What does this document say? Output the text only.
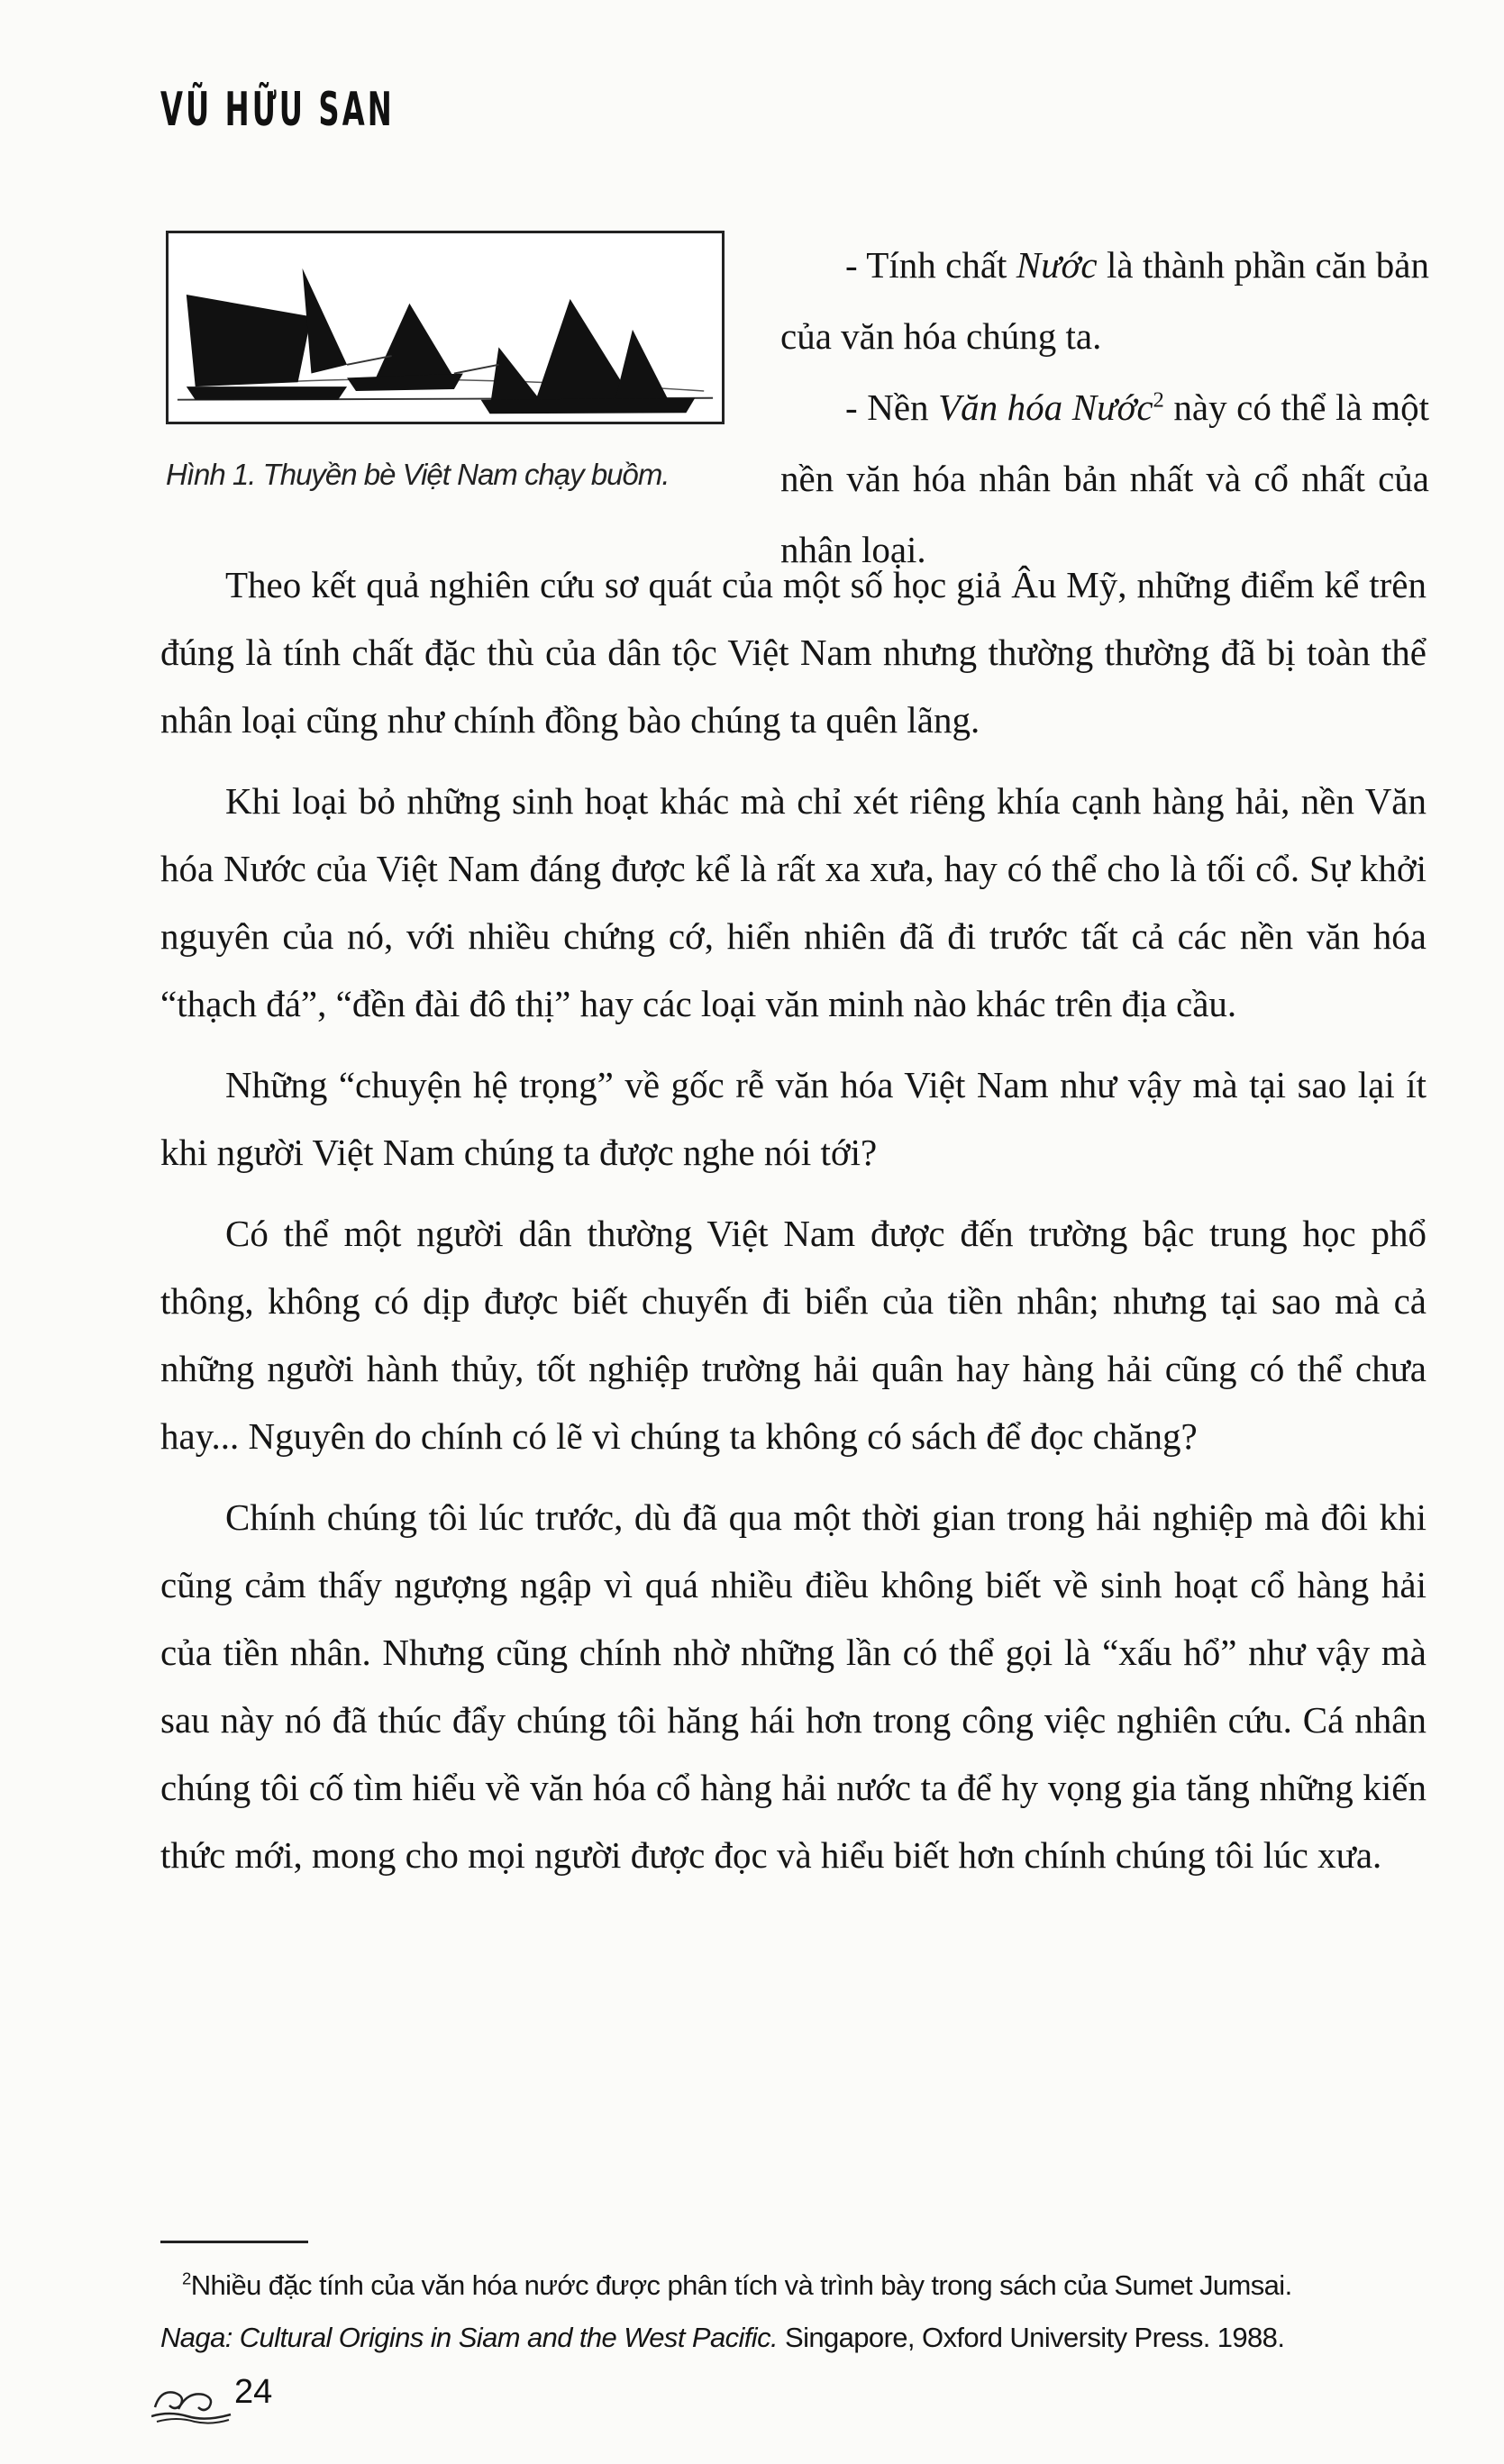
VŨ HỮU SAN
Hình 1. Thuyền bè Việt Nam chạy buồm.

- Tính chất Nước là thành phần căn bản của văn hóa chúng ta.

- Nền Văn hóa Nước$^2$ này có thể là một nền văn hóa nhân bản nhất và cổ nhất của nhân loại.

Theo kết quả nghiên cứu sơ quát của một số học giả Âu Mỹ, những điểm kể trên đúng là tính chất đặc thù của dân tộc Việt Nam nhưng thường thường đã bị toàn thể nhân loại cũng như chính đồng bào chúng ta quên lãng.

Khi loại bỏ những sinh hoạt khác mà chỉ xét riêng khía cạnh hàng hải, nền Văn hóa Nước của Việt Nam đáng được kể là rất xa xưa, hay có thể cho là tối cổ. Sự khởi nguyên của nó, với nhiều chứng cớ, hiển nhiên đã đi trước tất cả các nền văn hóa “thạch đá”, “đền đài đô thị” hay các loại văn minh nào khác trên địa cầu.

Những “chuyện hệ trọng” về gốc rễ văn hóa Việt Nam như vậy mà tại sao lại ít khi người Việt Nam chúng ta được nghe nói tới?

Có thể một người dân thường Việt Nam được đến trường bậc trung học phổ thông, không có dịp được biết chuyến đi biển của tiền nhân; nhưng tại sao mà cả những người hành thủy, tốt nghiệp trường hải quân hay hàng hải cũng có thể chưa hay... Nguyên do chính có lẽ vì chúng ta không có sách để đọc chăng?

Chính chúng tôi lúc trước, dù đã qua một thời gian trong hải nghiệp mà đôi khi cũng cảm thấy ngượng ngập vì quá nhiều điều không biết về sinh hoạt cổ hàng hải của tiền nhân. Nhưng cũng chính nhờ những lần có thể gọi là “xấu hổ” như vậy mà sau này nó đã thúc đẩy chúng tôi hăng hái hơn trong công việc nghiên cứu. Cá nhân chúng tôi cố tìm hiểu về văn hóa cổ hàng hải nước ta để hy vọng gia tăng những kiến thức mới, mong cho mọi người được đọc và hiểu biết hơn chính chúng tôi lúc xưa.

$^2$Nhiều đặc tính của văn hóa nước được phân tích và trình bày trong sách của Sumet Jumsai.
Naga: Cultural Origins in Siam and the West Pacific. Singapore, Oxford University Press. 1988.
24
